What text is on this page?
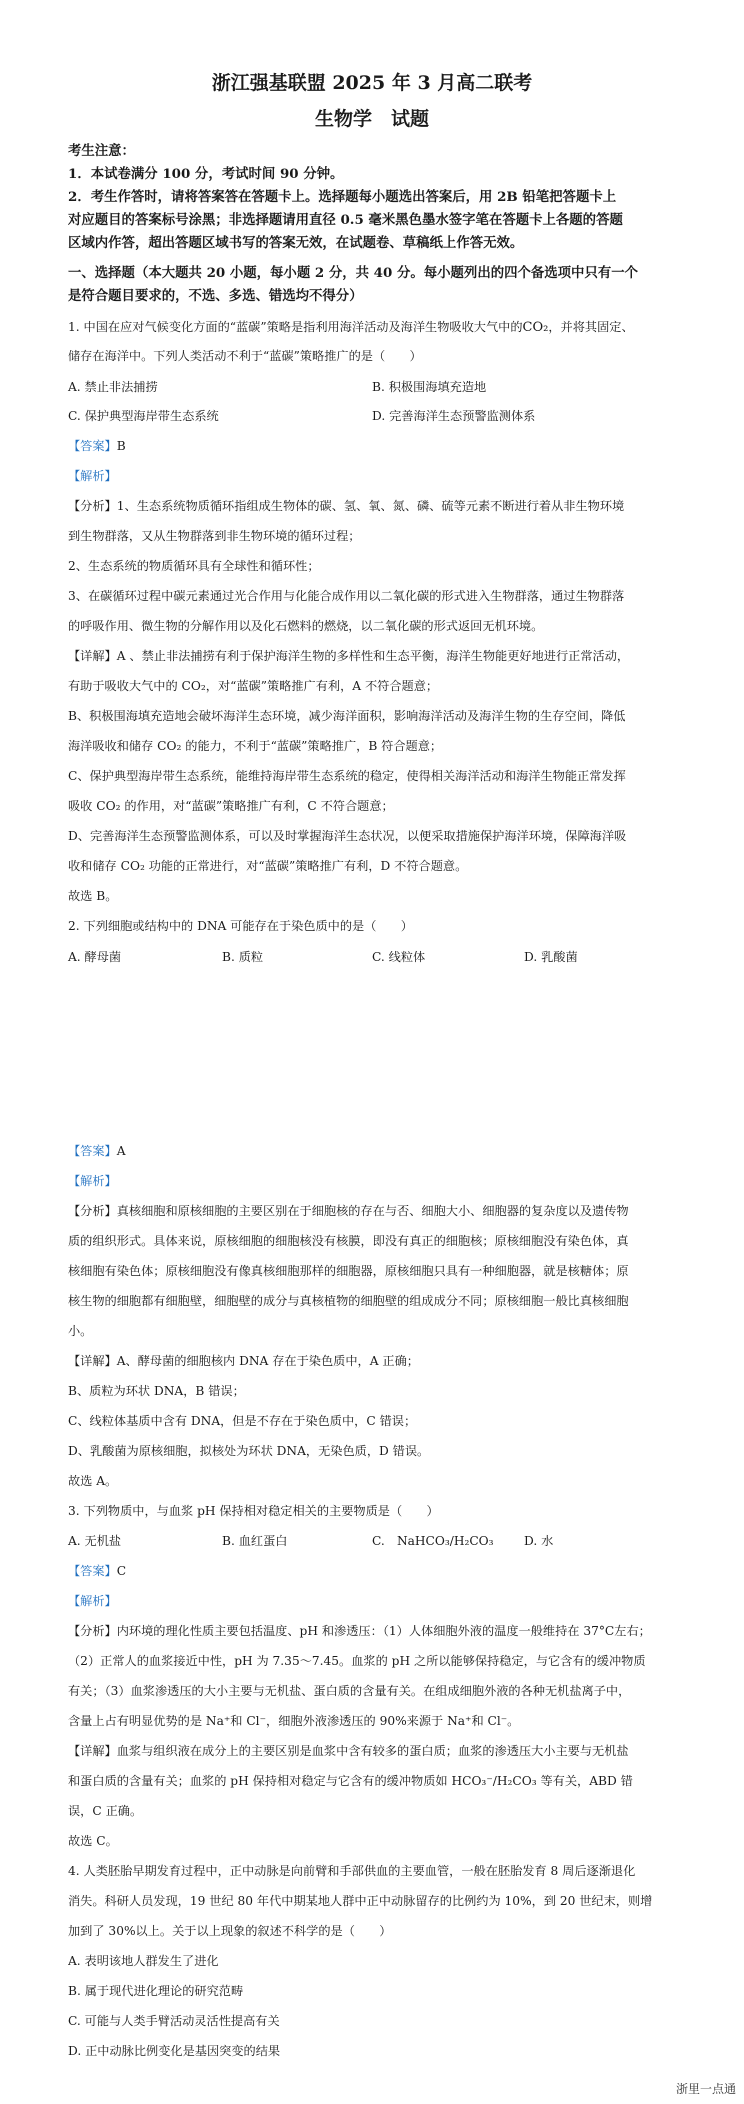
浙江强基联盟 2025 年 3 月高二联考
生物学　试题
考生注意：
1．本试卷满分 100 分，考试时间 90 分钟。
2．考生作答时，请将答案答在答题卡上。选择题每小题选出答案后，用 2B 铅笔把答题卡上
对应题目的答案标号涂黑；非选择题请用直径 0.5 毫米黑色墨水签字笔在答题卡上各题的答题
区域内作答，超出答题区域书写的答案无效，在试题卷、草稿纸上作答无效。
一、选择题（本大题共 20 小题，每小题 2 分，共 40 分。每小题列出的四个备选项中只有一个
是符合题目要求的，不选、多选、错选均不得分）
1. 中国在应对气候变化方面的“蓝碳”策略是指利用海洋活动及海洋生物吸收大气中的CO₂，并将其固定、
储存在海洋中。下列人类活动不利于“蓝碳”策略推广的是（　　）
A. 禁止非法捕捞	B. 积极围海填充造地
C. 保护典型海岸带生态系统	D. 完善海洋生态预警监测体系
【答案】B
【解析】
【分析】1、生态系统物质循环指组成生物体的碳、氢、氧、氮、磷、硫等元素不断进行着从非生物环境
到生物群落，又从生物群落到非生物环境的循环过程；
2、生态系统的物质循环具有全球性和循环性；
3、在碳循环过程中碳元素通过光合作用与化能合成作用以二氧化碳的形式进入生物群落，通过生物群落
的呼吸作用、微生物的分解作用以及化石燃料的燃烧，以二氧化碳的形式返回无机环境。
【详解】A 、禁止非法捕捞有利于保护海洋生物的多样性和生态平衡，海洋生物能更好地进行正常活动，
有助于吸收大气中的 CO₂，对“蓝碳”策略推广有利，A 不符合题意；
B、积极围海填充造地会破坏海洋生态环境，减少海洋面积，影响海洋活动及海洋生物的生存空间，降低
海洋吸收和储存 CO₂ 的能力，不利于“蓝碳”策略推广，B 符合题意；
C、保护典型海岸带生态系统，能维持海岸带生态系统的稳定，使得相关海洋活动和海洋生物能正常发挥
吸收 CO₂ 的作用，对“蓝碳”策略推广有利，C 不符合题意；
D、完善海洋生态预警监测体系，可以及时掌握海洋生态状况，以便采取措施保护海洋环境，保障海洋吸
收和储存 CO₂ 功能的正常进行，对“蓝碳”策略推广有利，D 不符合题意。
故选 B。
2. 下列细胞或结构中的 DNA 可能存在于染色质中的是（　　）
A. 酵母菌	B. 质粒	C. 线粒体	D. 乳酸菌
【答案】A
【解析】
【分析】真核细胞和原核细胞的主要区别在于细胞核的存在与否、细胞大小、细胞器的复杂度以及遗传物
质的组织形式。具体来说，原核细胞的细胞核没有核膜，即没有真正的细胞核；原核细胞没有染色体，真
核细胞有染色体；原核细胞没有像真核细胞那样的细胞器，原核细胞只具有一种细胞器，就是核糖体；原
核生物的细胞都有细胞壁，细胞壁的成分与真核植物的细胞壁的组成成分不同；原核细胞一般比真核细胞
小。
【详解】A、酵母菌的细胞核内 DNA 存在于染色质中，A 正确；
B、质粒为环状 DNA，B 错误；
C、线粒体基质中含有 DNA，但是不存在于染色质中，C 错误；
D、乳酸菌为原核细胞，拟核处为环状 DNA，无染色质，D 错误。
故选 A。
3. 下列物质中，与血浆 pH 保持相对稳定相关的主要物质是（　　）
A. 无机盐	B. 血红蛋白	C.　NaHCO₃/H₂CO₃ D. 水
【答案】C
【解析】
【分析】内环境的理化性质主要包括温度、pH 和渗透压：（1）人体细胞外液的温度一般维持在 37°C左右；
（2）正常人的血浆接近中性，pH 为 7.35～7.45。血浆的 pH 之所以能够保持稳定，与它含有的缓冲物质
有关；（3）血浆渗透压的大小主要与无机盐、蛋白质的含量有关。在组成细胞外液的各种无机盐离子中，
含量上占有明显优势的是 Na⁺和 Cl⁻，细胞外液渗透压的 90%来源于 Na⁺和 Cl⁻。
【详解】血浆与组织液在成分上的主要区别是血浆中含有较多的蛋白质；血浆的渗透压大小主要与无机盐
和蛋白质的含量有关；血浆的 pH 保持相对稳定与它含有的缓冲物质如 HCO₃⁻/H₂CO₃ 等有关，ABD 错
误，C 正确。
故选 C。
4. 人类胚胎早期发育过程中，正中动脉是向前臂和手部供血的主要血管，一般在胚胎发育 8 周后逐渐退化
消失。科研人员发现，19 世纪 80 年代中期某地人群中正中动脉留存的比例约为 10%，到 20 世纪末，则增
加到了 30%以上。关于以上现象的叙述不科学的是（　　）
A. 表明该地人群发生了进化
B. 属于现代进化理论的研究范畴
C. 可能与人类手臂活动灵活性提高有关
D. 正中动脉比例变化是基因突变的结果
浙里一点通
